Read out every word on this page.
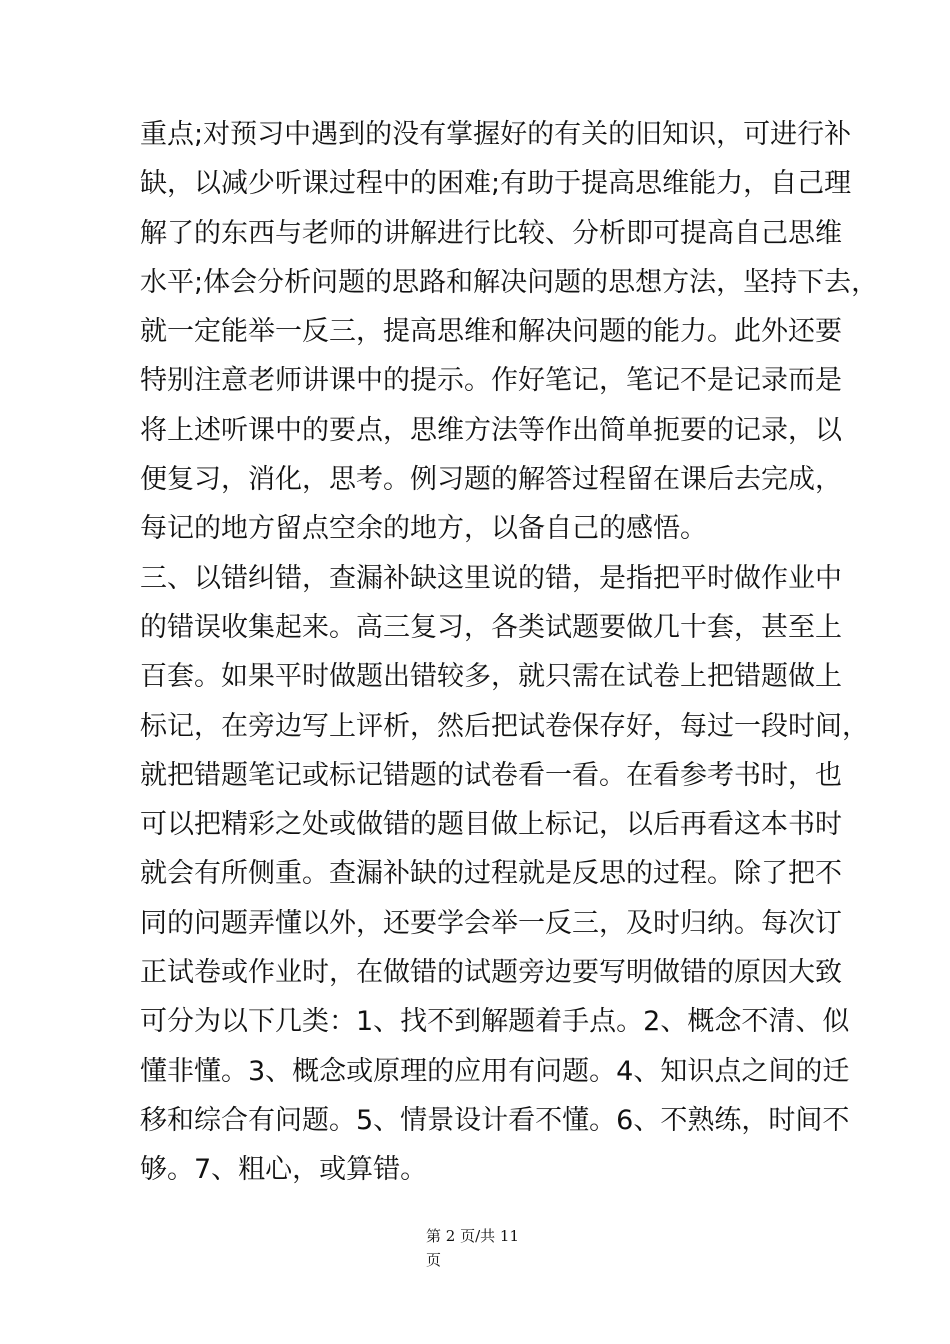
重点;对预习中遇到的没有掌握好的有关的旧知识，可进行补
缺，以减少听课过程中的困难;有助于提高思维能力，自己理
解了的东西与老师的讲解进行比较、分析即可提高自己思维
水平;体会分析问题的思路和解决问题的思想方法，坚持下去，
就一定能举一反三，提高思维和解决问题的能力。此外还要
特别注意老师讲课中的提示。作好笔记，笔记不是记录而是
将上述听课中的要点，思维方法等作出简单扼要的记录，以
便复习，消化，思考。例习题的解答过程留在课后去完成，
每记的地方留点空余的地方，以备自己的感悟。
三、以错纠错，查漏补缺这里说的错，是指把平时做作业中
的错误收集起来。高三复习，各类试题要做几十套，甚至上
百套。如果平时做题出错较多，就只需在试卷上把错题做上
标记，在旁边写上评析，然后把试卷保存好，每过一段时间，
就把错题笔记或标记错题的试卷看一看。在看参考书时，也
可以把精彩之处或做错的题目做上标记，以后再看这本书时
就会有所侧重。查漏补缺的过程就是反思的过程。除了把不
同的问题弄懂以外，还要学会举一反三，及时归纳。每次订
正试卷或作业时，在做错的试题旁边要写明做错的原因大致
可分为以下几类：1、找不到解题着手点。2、概念不清、似
懂非懂。3、概念或原理的应用有问题。4、知识点之间的迁
移和综合有问题。5、情景设计看不懂。6、不熟练，时间不
够。7、粗心，或算错。
第 2 页/共 11
页
